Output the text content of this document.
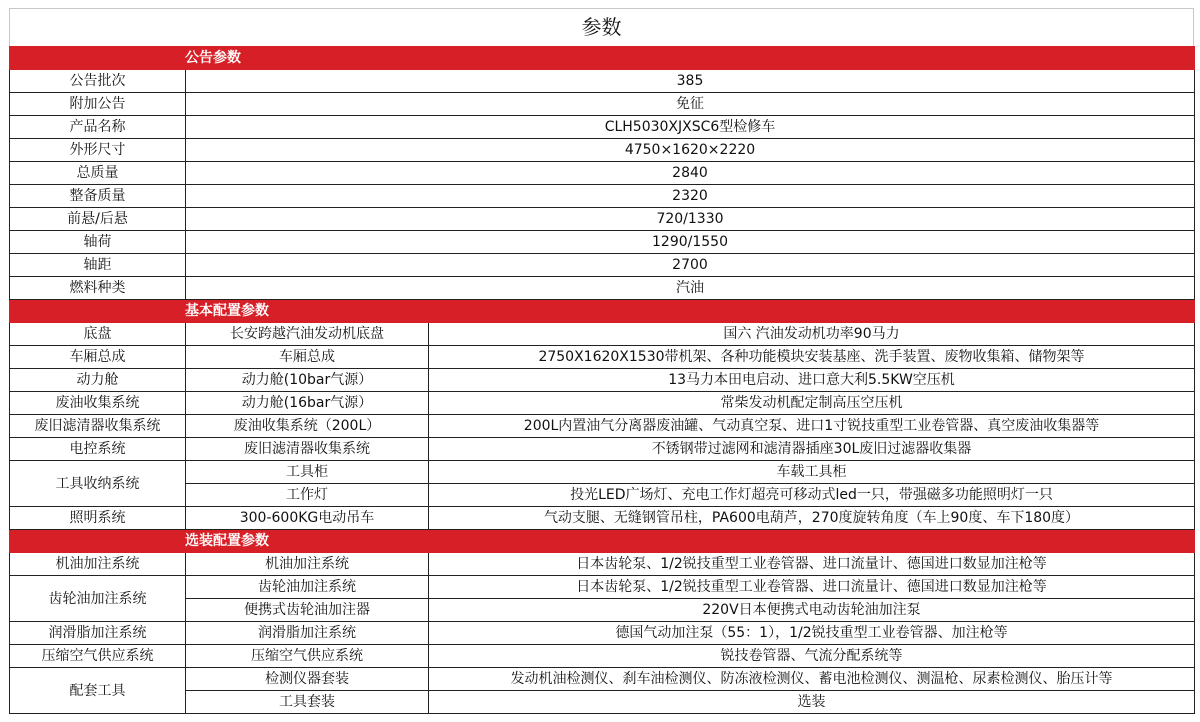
参数
公告参数		
公告批次	385	
附加公告	免征	
产品名称	CLH5030XJXSC6型检修车	
外形尺寸	4750×1620×2220	
总质量	2840	
整备质量	2320	
前悬/后悬	720/1330	
轴荷	1290/1550	
轴距	2700	
燃料种类	汽油	
基本配置参数		
底盘	长安跨越汽油发动机底盘	国六 汽油发动机功率90马力
车厢总成	车厢总成	2750X1620X1530带机架、各种功能模块安装基座、洗手装置、废物收集箱、储物架等
动力舱	动力舱(10bar气源）	13马力本田电启动、进口意大利5.5KW空压机
废油收集系统	动力舱(16bar气源）	常柴发动机配定制高压空压机
废旧滤清器收集系统	废油收集系统（200L）	200L内置油气分离器废油罐、气动真空泵、进口1寸锐技重型工业卷管器、真空废油收集器等
电控系统	废旧滤清器收集系统	不锈钢带过滤网和滤清器插座30L废旧过滤器收集器
工具收纳系统	工具柜	车载工具柜
	工作灯	投光LED广场灯、充电工作灯超亮可移动式led一只，带强磁多功能照明灯一只
照明系统	300-600KG电动吊车	气动支腿、无缝钢管吊柱，PA600电葫芦，270度旋转角度（车上90度、车下180度）
选装配置参数		
机油加注系统	机油加注系统	日本齿轮泵、1/2锐技重型工业卷管器、进口流量计、德国进口数显加注枪等
齿轮油加注系统	齿轮油加注系统	日本齿轮泵、1/2锐技重型工业卷管器、进口流量计、德国进口数显加注枪等
	便携式齿轮油加注器	220V日本便携式电动齿轮油加注泵
润滑脂加注系统	润滑脂加注系统	德国气动加注泵（55：1），1/2锐技重型工业卷管器、加注枪等
压缩空气供应系统	压缩空气供应系统	锐技卷管器、气流分配系统等
配套工具	检测仪器套装	发动机油检测仪、刹车油检测仪、防冻液检测仪、蓄电池检测仪、测温枪、尿素检测仪、胎压计等
	工具套装	选装
